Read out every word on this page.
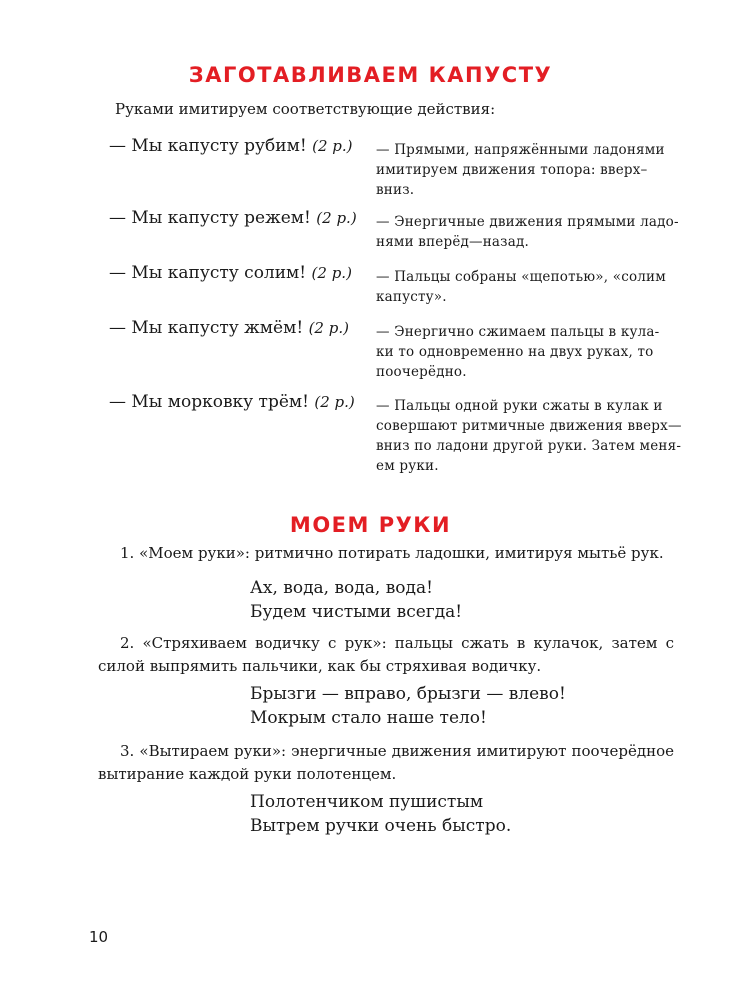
ЗАГОТАВЛИВАЕМ КАПУСТУ

Руками имитируем соответствующие действия:

— Мы капусту рубим! (2 р.) — Прямыми, напряжёнными ладонями
имитируем движения топора: вверх–
вниз.
— Мы капусту режем! (2 р.) — Энергичные движения прямыми ладо-
нями вперёд—назад.
— Мы капусту солим! (2 р.) — Пальцы собраны «щепотью», «солим
капусту».
— Мы капусту жмём! (2 р.) — Энергично сжимаем пальцы в кула-
ки то одновременно на двух руках, то
поочерёдно.
— Мы морковку трём! (2 р.) — Пальцы одной руки сжаты в кулак и
совершают ритмичные движения вверх—
вниз по ладони другой руки. Затем меня-
ем руки.
МОЕМ РУКИ

1. «Моем руки»: ритмично потирать ладошки, имитируя мытьё рук.

Ах, вода, вода, вода!
Будем чистыми всегда!

2. «Стряхиваем водичку с рук»: пальцы сжать в кулачок, затем с силой выпрямить пальчики, как бы стряхивая водичку.

Брызги — вправо, брызги — влево!
Мокрым стало наше тело!

3. «Вытираем руки»: энергичные движения имитируют поочерёдное вытирание каждой руки полотенцем.

Полотенчиком пушистым
Вытрем ручки очень быстро.
10
